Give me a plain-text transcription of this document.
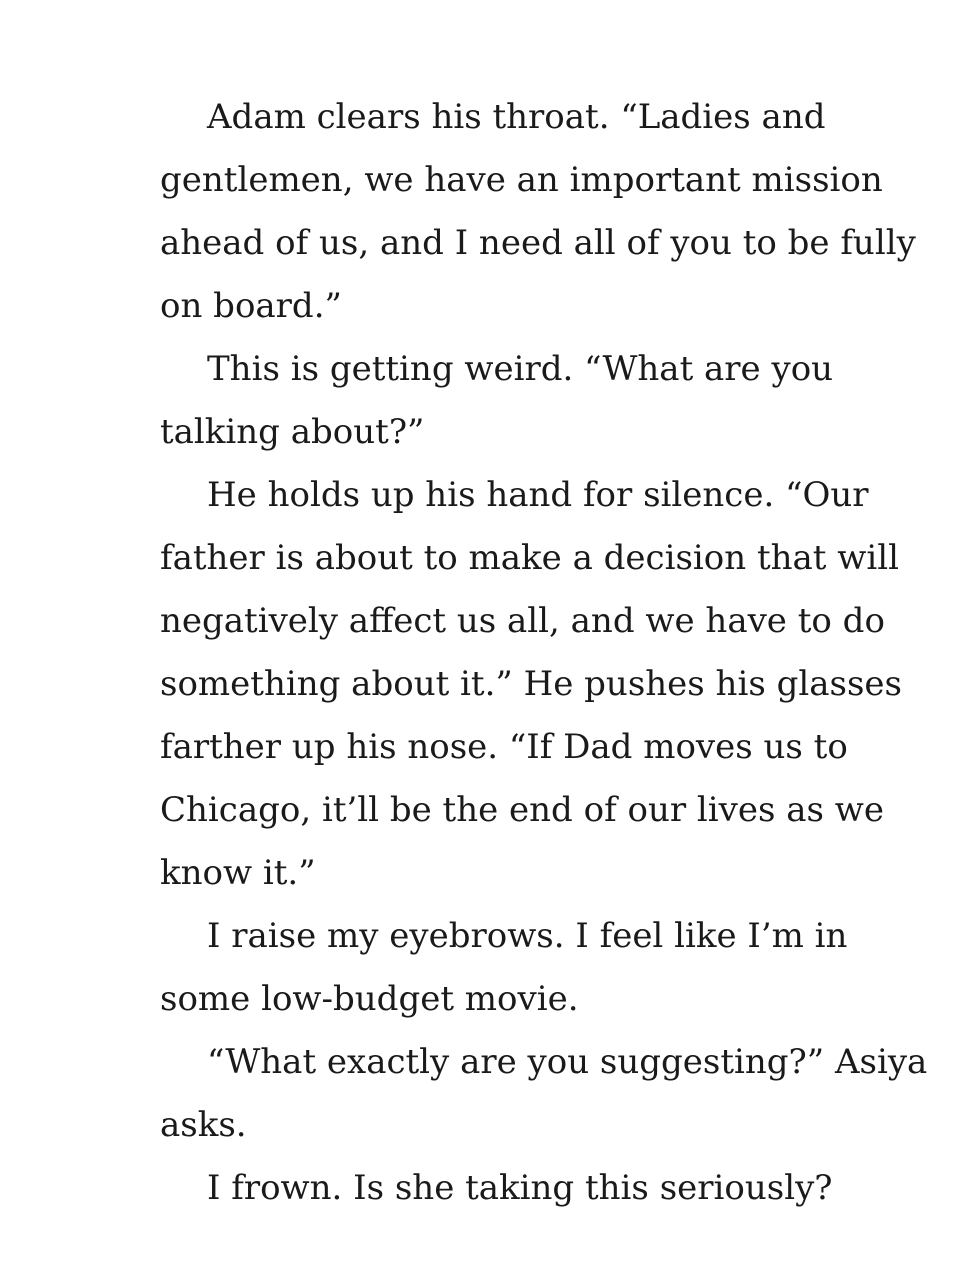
Adam clears his throat. “Ladies and
gentlemen, we have an important mission
ahead of us, and I need all of you to be fully
on board.”
This is getting weird. “What are you
talking about?”
He holds up his hand for silence. “Our
father is about to make a decision that will
negatively affect us all, and we have to do
something about it.” He pushes his glasses
farther up his nose. “If Dad moves us to
Chicago, it’ll be the end of our lives as we
know it.”
I raise my eyebrows. I feel like I’m in
some low-budget movie.
“What exactly are you suggesting?” Asiya
asks.
I frown. Is she taking this seriously?
